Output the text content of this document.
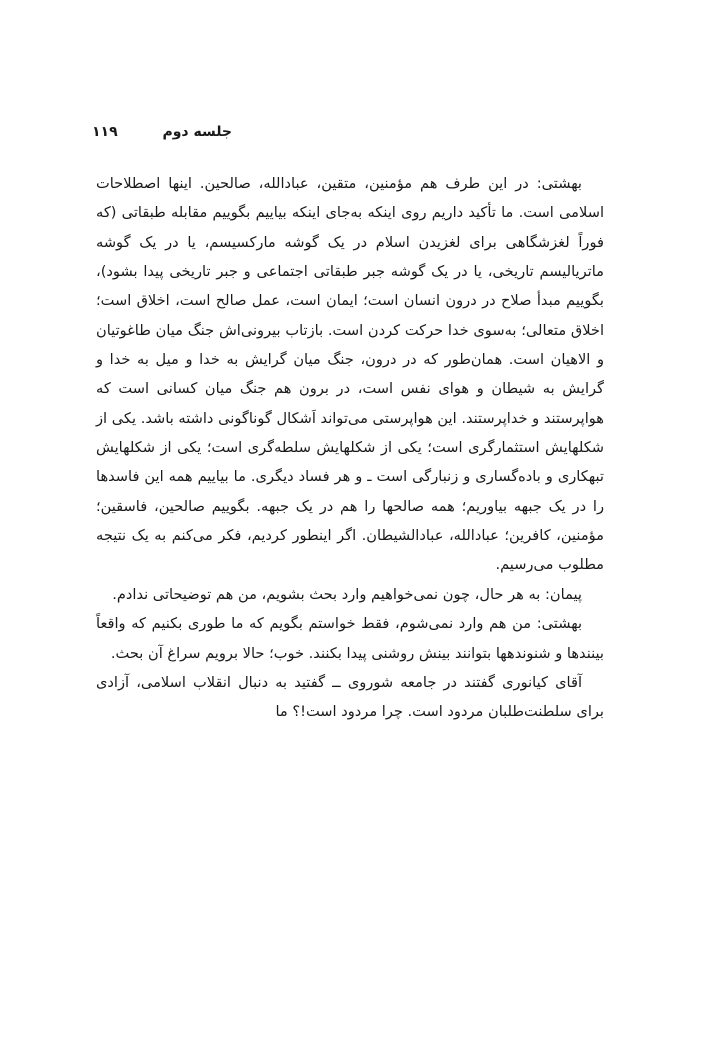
جلسه دوم
۱۱۹

بهشتی: در این طرف هم مؤمنین، متقین، عبادالله، صالحین. اینها اصطلاحات اسلامی است. ما تأکید داریم روی اینکه به‌جای اینکه بیاییم بگوییم مقابله طبقاتی (که فوراً لغزشگاهی برای لغزیدن اسلام در یک گوشه مارکسیسم، یا در یک گوشه ماتریالیسم تاریخی، یا در یک گوشه جبر طبقاتی اجتماعی و جبر تاریخی پیدا بشود)، بگوییم مبدأ صلاح در درون انسان است؛ ایمان است، عمل صالح است، اخلاق است؛ اخلاق متعالی؛ به‌سوی خدا حرکت کردن است. بازتاب بیرونی‌اش جنگ میان طاغوتیان و الاهیان است. همان‌طور که در درون، جنگ میان گرایش به خدا و میل به خدا و گرایش به شیطان و هوای نفس است، در برون هم جنگ میان کسانی است که هواپرستند و خداپرستند. این هواپرستی می‌تواند اَشکال گوناگونی داشته باشد. یکی از شکلهایش استثمارگری است؛ یکی از شکلهایش سلطه‌گری است؛ یکی از شکلهایش تبهکاری و باده‌گساری و زنبارگی است ـ و هر فساد دیگری. ما بیاییم همه این فاسدها را در یک جبهه بیاوریم؛ همه صالحها را هم در یک جبهه. بگوییم صالحین، فاسقین؛ مؤمنین، کافرین؛ عبادالله، عبادالشیطان. اگر اینطور کردیم، فکر می‌کنم به یک نتیجه مطلوب می‌رسیم.

پیمان: به هر حال، چون نمی‌خواهیم وارد بحث بشویم، من هم توضیحاتی ندادم.

بهشتی: من هم وارد نمی‌شوم، فقط خواستم بگویم که ما طوری بکنیم که واقعاً بینندها و شنوندهها بتوانند بینش روشنی پیدا بکنند. خوب؛ حالا برویم سراغ آن بحث.

آقای کیانوری گفتند در جامعه شوروی ــ گفتید به دنبال انقلاب اسلامی، آزادی برای سلطنت‌طلبان مردود است. چرا مردود است!؟ ما
